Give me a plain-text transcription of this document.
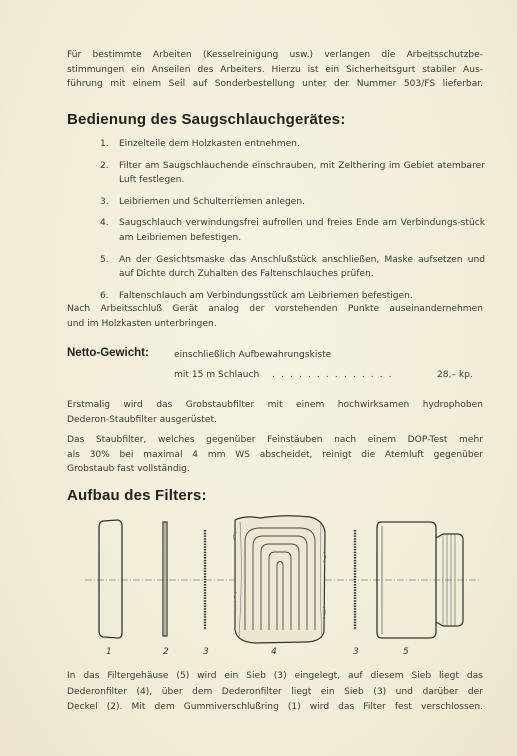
Für bestimmte Arbeiten (Kesselreinigung usw.) verlangen die Arbeitsschutzbe-
stimmungen ein Anseilen des Arbeiters. Hierzu ist ein Sicherheitsgurt stabiler Aus-
führung mit einem Seil auf Sonderbestellung unter der Nummer 503/FS lieferbar.
Bedienung des Saugschlauchgerätes:
1. Einzelteile dem Holzkasten entnehmen.
2. Filter am Saugschlauchende einschrauben, mit Zelthering im Gebiet atembarer Luft festlegen.
3. Leibriemen und Schulterriemen anlegen.
4. Saugschlauch verwindungsfrei aufrollen und freies Ende am Verbindungs-stück am Leibriemen befestigen.
5. An der Gesichtsmaske das Anschlußstück anschließen, Maske aufsetzen und auf Dichte durch Zuhalten des Faltenschlauches prüfen.
6. Faltenschlauch am Verbindungsstück am Leibriemen befestigen.
Nach Arbeitsschluß Gerät analog der vorstehenden Punkte auseinandernehmen
und im Holzkasten unterbringen.
Netto-Gewicht:	einschließlich Aufbewahrungskiste
mit 15 m Schlauch . . . . . . . . . . . . . .	28,– kp.
Erstmalig wird das Grobstaubfilter mit einem hochwirksamen hydrophoben
Dederon-Staubfilter ausgerüstet.
Das Staubfilter, welches gegenüber Feinstäuben nach einem DOP-Test mehr
als 30% bei maximal 4 mm WS abscheidet, reinigt die Atemluft gegenüber
Grobstaub fast vollständig.
Aufbau des Filters:
1	2	3	4	3	5
In das Filtergehäuse (5) wird ein Sieb (3) eingelegt, auf diesem Sieb liegt das
Dederonfilter (4), über dem Dederonfilter liegt ein Sieb (3) und darüber der
Deckel (2). Mit dem Gummiverschlußring (1) wird das Filter fest verschlossen.
